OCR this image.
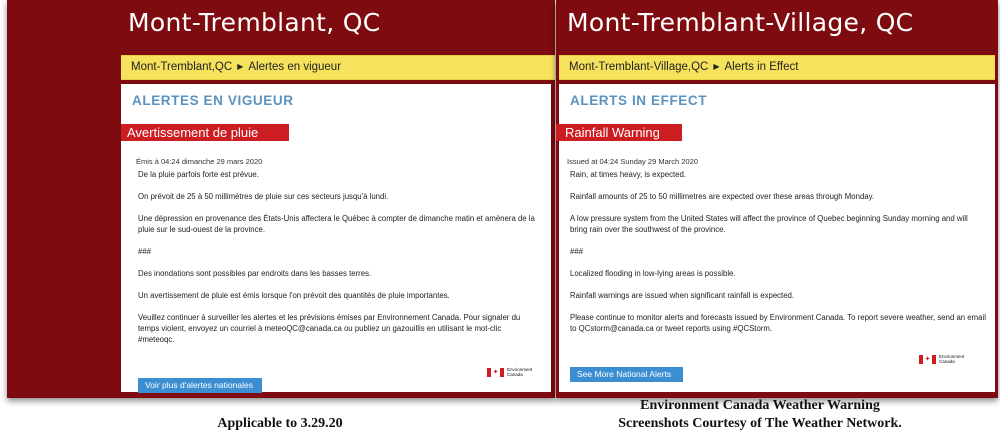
Mont-Tremblant, QC
Mont-Tremblant,QC ▶ Alertes en vigueur
ALERTES EN VIGUEUR
Avertissement de pluie
Émis à 04:24 dimanche 29 mars 2020

De la pluie parfois forte est prévue.

On prévoit de 25 à 50 millimètres de pluie sur ces secteurs jusqu'à lundi.

Une dépression en provenance des États-Unis affectera le Québec à compter de dimanche matin et amènera de la pluie sur le sud-ouest de la province.

###

Des inondations sont possibles par endroits dans les basses terres.

Un avertissement de pluie est émis lorsque l'on prévoit des quantités de pluie importantes.

Veuillez continuer à surveiller les alertes et les prévisions émises par Environnement Canada. Pour signaler du temps violent, envoyez un courriel à meteoQC@canada.ca ou publiez un gazouillis en utilisant le mot-clic #meteoqc.

✦	Environment
Canada
Voir plus d'alertes nationales
Mont-Tremblant-Village, QC
Mont-Tremblant-Village,QC ▶ Alerts in Effect
ALERTS IN EFFECT
Rainfall Warning
Issued at 04:24 Sunday 29 March 2020

Rain, at times heavy, is expected.

Rainfall amounts of 25 to 50 millimetres are expected over these areas through Monday.

A low pressure system from the United States will affect the province of Quebec beginning Sunday morning and will bring rain over the southwest of the province.

###

Localized flooding in low-lying areas is possible.

Rainfall warnings are issued when significant rainfall is expected.

Please continue to monitor alerts and forecasts issued by Environment Canada. To report severe weather, send an email to QCstorm@canada.ca or tweet reports using #QCStorm.

✦	Environment
Canada
See More National Alerts
Applicable to 3.29.20
Environment Canada Weather Warning
Screenshots Courtesy of The Weather Network.
